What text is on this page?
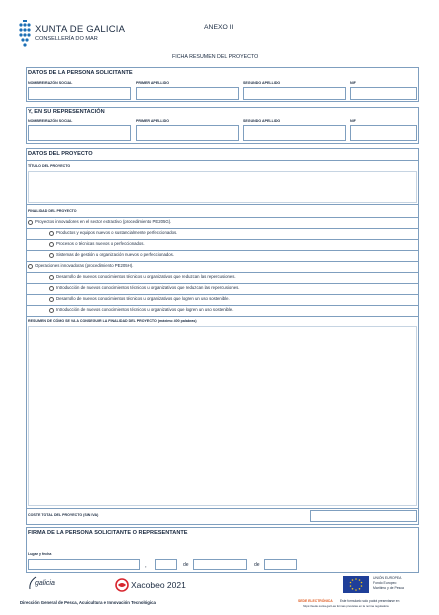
XUNTA DE GALICIA
CONSELLERÍA DO MAR
ANEXO II
FICHA RESUMEN DEL PROYECTO
DATOS DE LA PERSONA SOLICITANTE
NOMBRE/RAZÓN SOCIAL	PRIMER APELLIDO	SEGUNDO APELLIDO	NIF
Y, EN SU REPRESENTACIÓN
NOMBRE/RAZÓN SOCIAL	PRIMER APELLIDO	SEGUNDO APELLIDO	NIF
DATOS DEL PROYECTO
TÍTULO DEL PROYECTO
FINALIDAD DEL PROYECTO
Proyectos innovadores en el sector extractivo (procedimiento PE205G).
Productos y equipos nuevos o sustancialmente perfeccionados.
Procesos o técnicas nuevos o perfeccionados.
Sistemas de gestión u organización nuevos o perfeccionados.
Operaciones innovadoras (procedimiento PE205H).
Desarrollo de nuevos conocimientos técnicos u organizativos que reduzcan las repercusiones.
Introducción de nuevos conocimientos técnicos u organizativos que reduzcan las repercusiones.
Desarrollo de nuevos conocimientos técnicos u organizativos que logren un uso sostenible.
Introducción de nuevos conocimientos técnicos u organizativos que logren un uso sostenible.
RESUMEN DE CÓMO SE VA A CONSEGUIR LA FINALIDAD DEL PROYECTO (máximo 400 palabras)
COSTE TOTAL DEL PROYECTO (SIN IVA)
FIRMA DE LA PERSONA SOLICITANTE O REPRESENTANTE
Lugar y fecha
,	de	de
galicia	Xacobeo 2021
UNIÓN EUROPEA
Fondo Europeo
Marítimo y de Pesca
Dirección General de Pesca, Acuicultura e Innovación Tecnológica	SEDE ELECTRÓNICA Este formulario solo podrá presentarse en
https://sede.xunta.gal Las formas previstas en la norma reguladora
